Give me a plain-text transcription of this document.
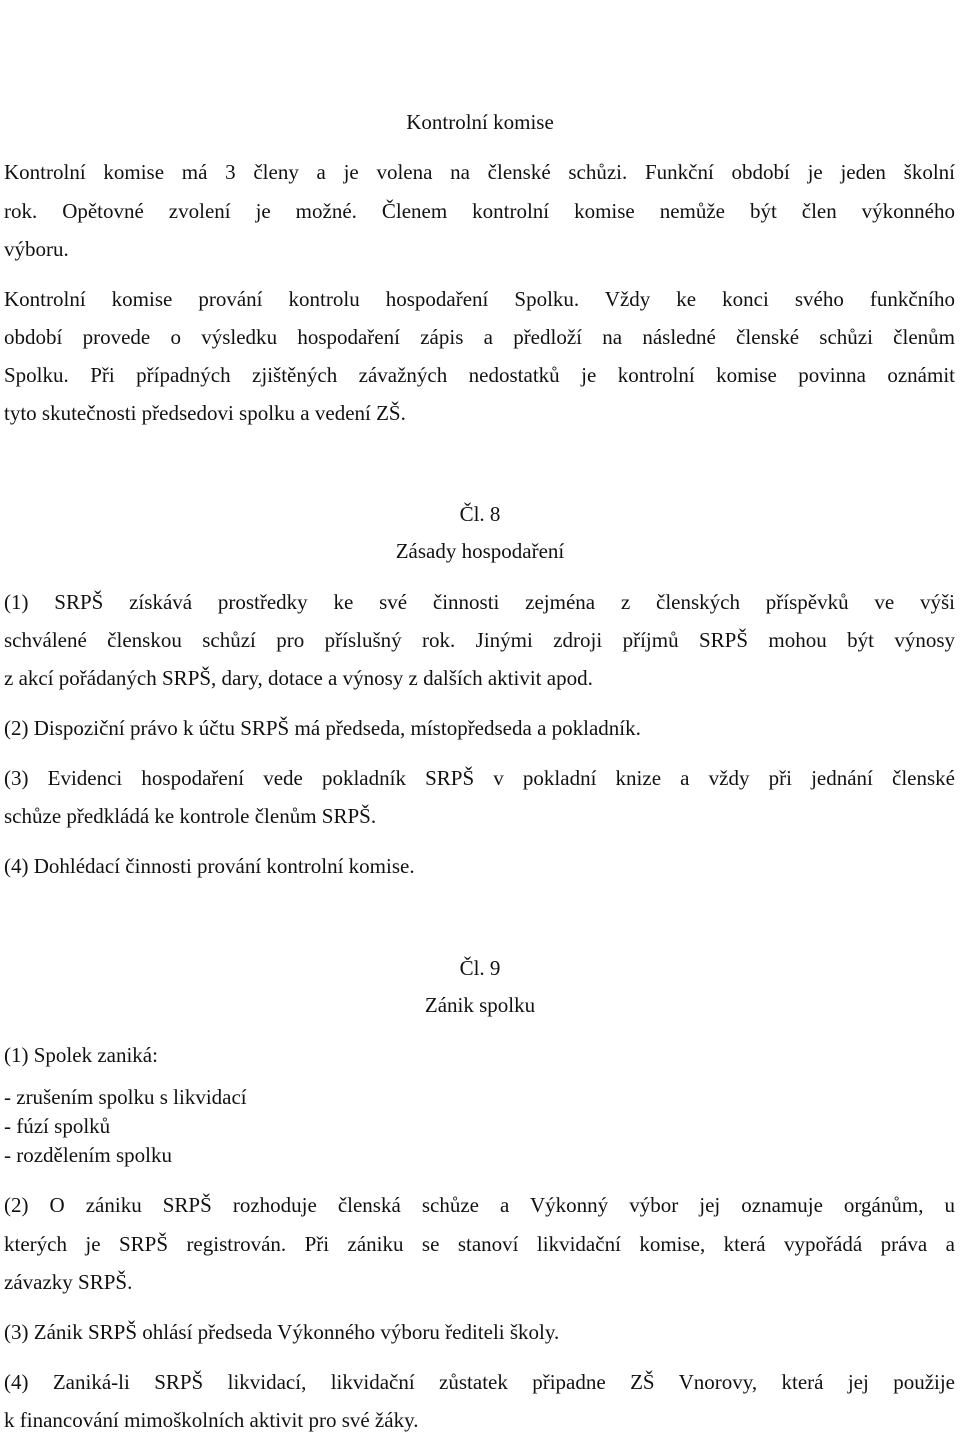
Kontrolní komise
Kontrolní komise má 3 členy a je volena na členské schůzi. Funkční období je jeden školní
rok. Opětovné zvolení je možné. Členem kontrolní komise nemůže být člen výkonného
výboru.
Kontrolní komise prování kontrolu hospodaření Spolku. Vždy ke konci svého funkčního
období provede o výsledku hospodaření zápis a předloží na následné členské schůzi členům
Spolku. Při případných zjištěných závažných nedostatků je kontrolní komise povinna oznámit
tyto skutečnosti předsedovi spolku a vedení ZŠ.
Čl. 8
Zásady hospodaření
(1) SRPŠ získává prostředky ke své činnosti zejména z členských příspěvků ve výši
schválené členskou schůzí pro příslušný rok. Jinými zdroji příjmů SRPŠ mohou být výnosy
z akcí pořádaných SRPŠ, dary, dotace a výnosy z dalších aktivit apod.
(2) Dispoziční právo k účtu SRPŠ má předseda, místopředseda a pokladník.
(3) Evidenci hospodaření vede pokladník SRPŠ v pokladní knize a vždy při jednání členské
schůze předkládá ke kontrole členům SRPŠ.
(4) Dohlédací činnosti prování kontrolní komise.
Čl. 9
Zánik spolku
(1) Spolek zaniká:
- zrušením spolku s likvidací
- fúzí spolků
- rozdělením spolku
(2) O zániku SRPŠ rozhoduje členská schůze a Výkonný výbor jej oznamuje orgánům, u
kterých je SRPŠ registrován. Při zániku se stanoví likvidační komise, která vypořádá práva a
závazky SRPŠ.
(3) Zánik SRPŠ ohlásí předseda Výkonného výboru řediteli školy.
(4) Zaniká-li SRPŠ likvidací, likvidační zůstatek připadne ZŠ Vnorovy, která jej použije
k financování mimoškolních aktivit pro své žáky.
